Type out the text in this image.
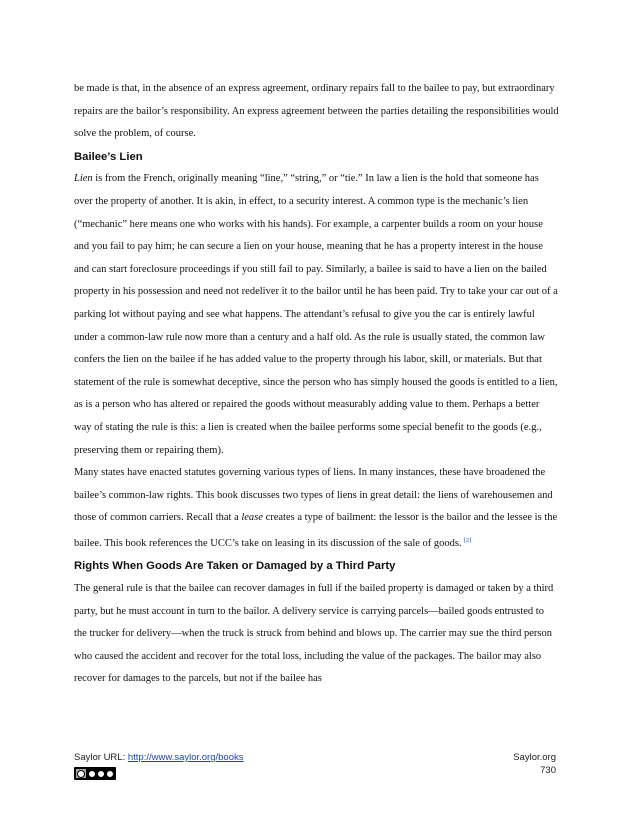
be made is that, in the absence of an express agreement, ordinary repairs fall to the bailee to pay, but extraordinary repairs are the bailor’s responsibility. An express agreement between the parties detailing the responsibilities would solve the problem, of course.

Bailee’s Lien

Lien is from the French, originally meaning “line,” “string,” or “tie.” In law a lien is the hold that someone has over the property of another. It is akin, in effect, to a security interest. A common type is the mechanic’s lien (“mechanic” here means one who works with his hands). For example, a carpenter builds a room on your house and you fail to pay him; he can secure a lien on your house, meaning that he has a property interest in the house and can start foreclosure proceedings if you still fail to pay. Similarly, a bailee is said to have a lien on the bailed property in his possession and need not redeliver it to the bailor until he has been paid. Try to take your car out of a parking lot without paying and see what happens. The attendant’s refusal to give you the car is entirely lawful under a common-law rule now more than a century and a half old. As the rule is usually stated, the common law confers the lien on the bailee if he has added value to the property through his labor, skill, or materials. But that statement of the rule is somewhat deceptive, since the person who has simply housed the goods is entitled to a lien, as is a person who has altered or repaired the goods without measurably adding value to them. Perhaps a better way of stating the rule is this: a lien is created when the bailee performs some special benefit to the goods (e.g., preserving them or repairing them).

Many states have enacted statutes governing various types of liens. In many instances, these have broadened the bailee’s common-law rights. This book discusses two types of liens in great detail: the liens of warehousemen and those of common carriers. Recall that a lease creates a type of bailment: the lessor is the bailor and the lessee is the bailee. This book references the UCC’s take on leasing in its discussion of the sale of goods. [2]

Rights When Goods Are Taken or Damaged by a Third Party

The general rule is that the bailee can recover damages in full if the bailed property is damaged or taken by a third party, but he must account in turn to the bailor. A delivery service is carrying parcels—bailed goods entrusted to the trucker for delivery—when the truck is struck from behind and blows up. The carrier may sue the third person who caused the accident and recover for the total loss, including the value of the packages. The bailor may also recover for damages to the parcels, but not if the bailee has

Saylor URL: http://www.saylor.org/books	Saylor.org
730
